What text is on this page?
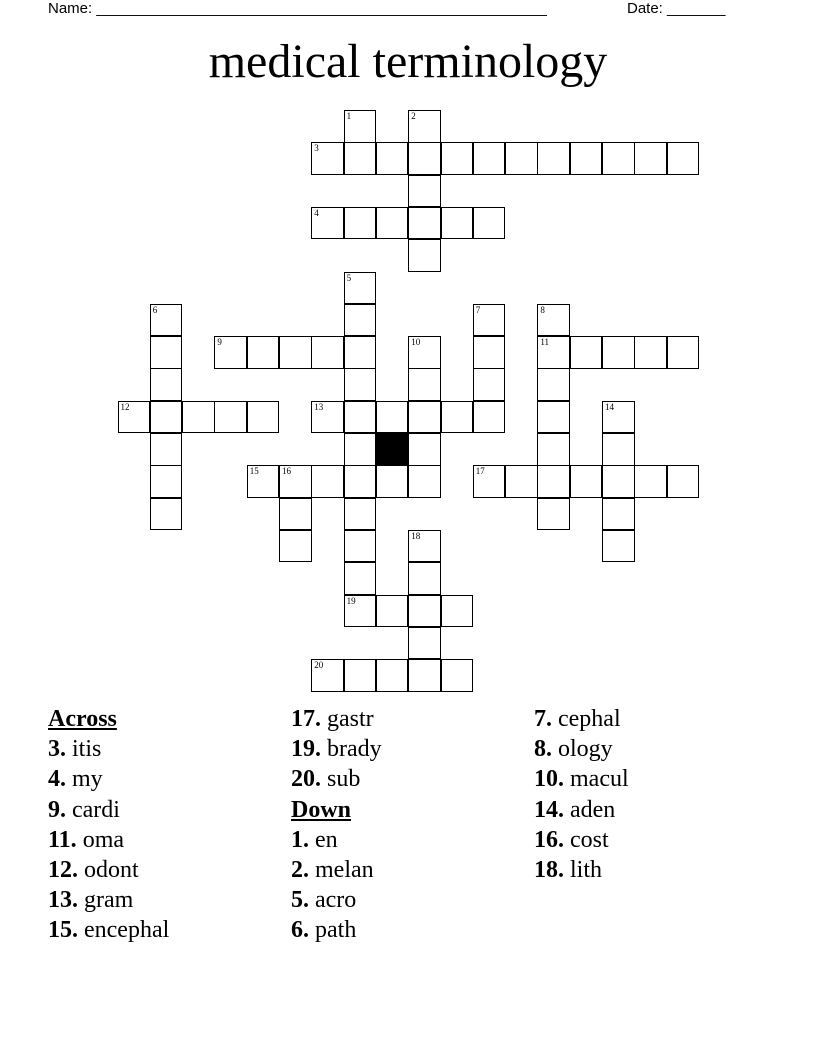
Name: ______________________________________________________	Date: _______
medical terminology
3
4
9	11
12	13
15	16	17
19
20
1	2
5
6	7	8
10
14
18
Across
3. itis
4. my
9. cardi
11. oma
12. odont
13. gram
15. encephal
17. gastr
19. brady
20. sub
Down
1. en
2. melan
5. acro
6. path
7. cephal
8. ology
10. macul
14. aden
16. cost
18. lith
